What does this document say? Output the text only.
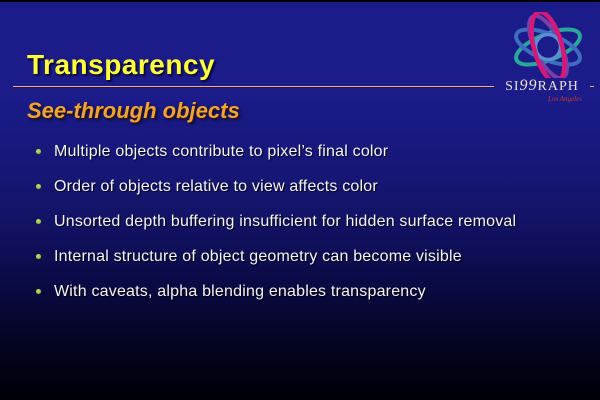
Transparency
See-through objects
Multiple objects contribute to pixel’s final color
Order of objects relative to view affects color
Unsorted depth buffering insufficient for hidden surface removal
Internal structure of object geometry can become visible
With caveats, alpha blending enables transparency
SI99RAPH
Los Angeles
